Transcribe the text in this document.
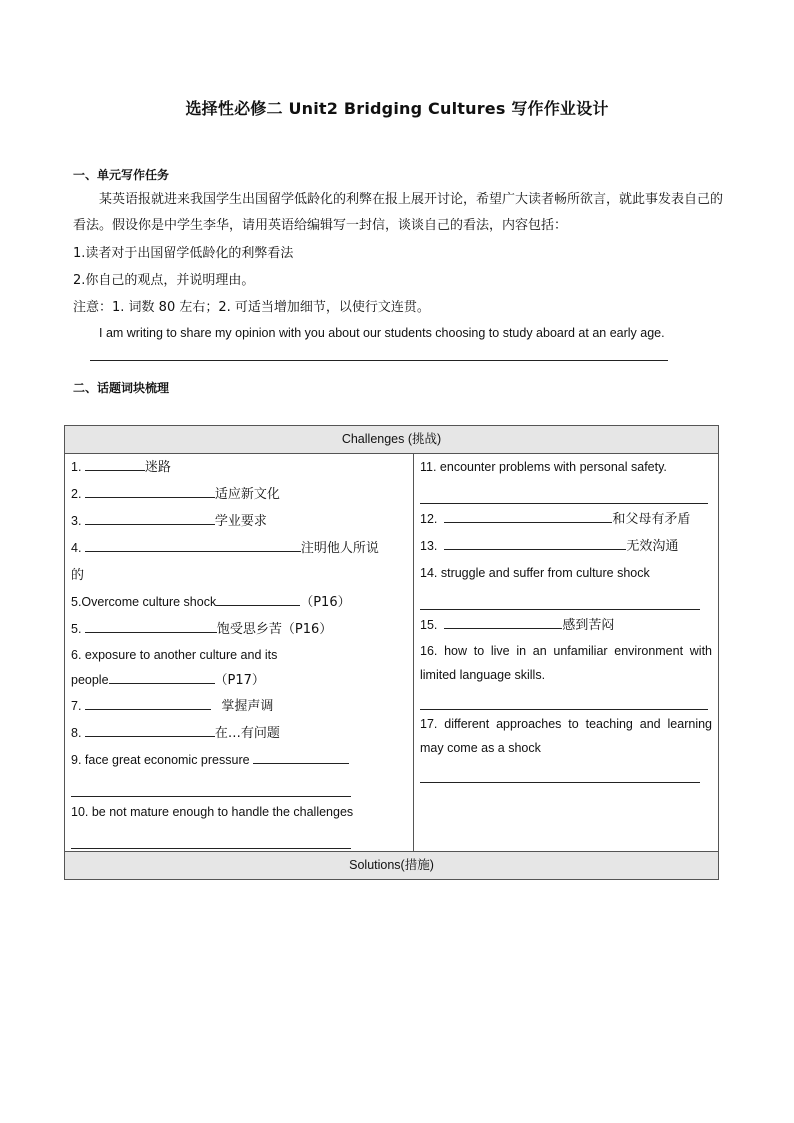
选择性必修二 Unit2 Bridging Cultures 写作作业设计
一、单元写作任务
某英语报就进来我国学生出国留学低龄化的利弊在报上展开讨论，希望广大读者畅所欲言，就此事发表自己的看法。假设你是中学生李华，请用英语给编辑写一封信，谈谈自己的看法，内容包括：
1.读者对于出国留学低龄化的利弊看法
2.你自己的观点，并说明理由。
注意：1. 词数 80 左右；2. 可适当增加细节，以使行文连贯。
I am writing to share my opinion with you about our students choosing to study aboard at an early age.
二、话题词块梳理
Challenges (挑战)

1.	迷路
2.	适应新文化
3.	学业要求
4.	注明他人所说
的
5.Overcome culture shock	（P16）
5.	饱受思乡苦（P16）
6. exposure to another culture and its
people	（P17）
7.	掌握声调
8.	在…有问题
9. face great economic pressure
10. be not mature enough to handle the challenges

11. encounter problems with personal safety.
12.	和父母有矛盾
13.	无效沟通
14. struggle and suffer from culture shock
15.	感到苦闷
16. how to live in an unfamiliar environment with limited language skills.
17. different approaches to teaching and learning may come as a shock

Solutions(措施)
